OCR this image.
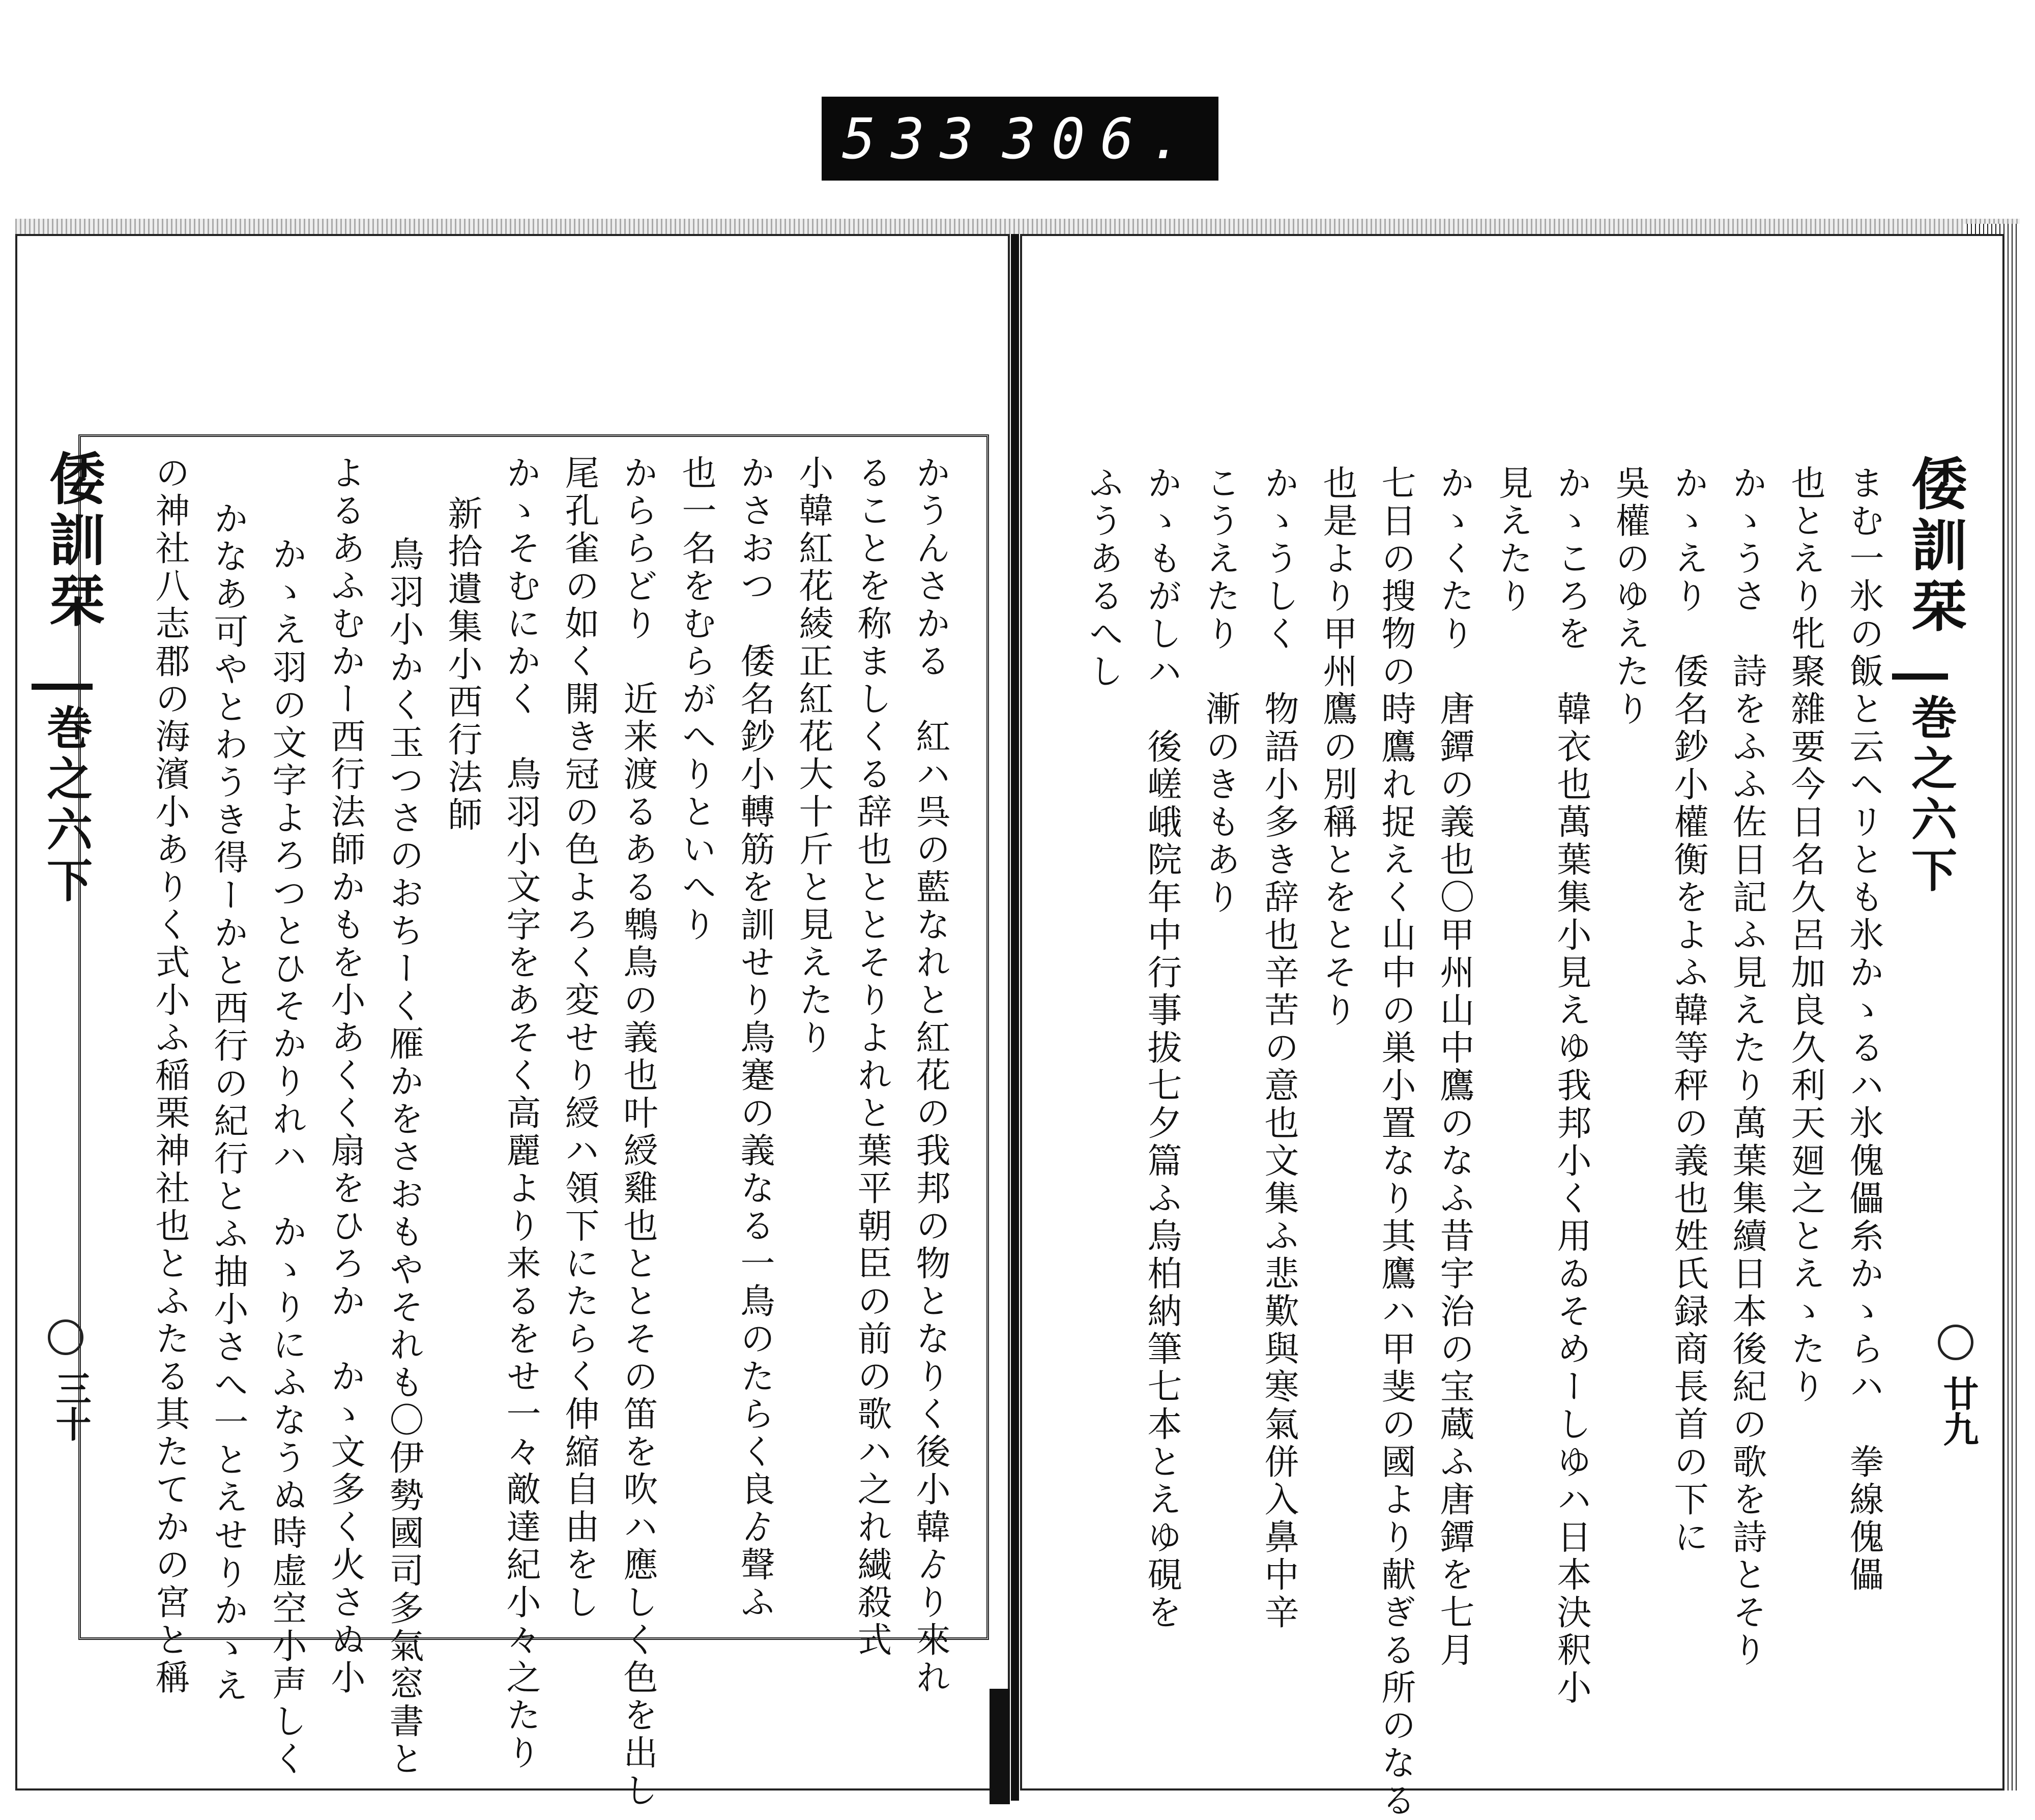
533 306.
倭訓栞
巻之六下
三十	かうんさかる　紅ハ呉の藍なれと紅花の我邦の物となりく後小韓ゟり來れ
ることを称ましくる辞也ととそりよれと葉平朝臣の前の歌ハ之れ繊殺式
小韓紅花綾正紅花大十斤と見えたり
かさおつ　倭名鈔小轉筋を訓せり鳥蹇の義なる一鳥のたらく良ゟ聲ふ
也一名をむらがへりといへり
かららどり　近来渡るある鵯鳥の義也叶綬雞也ととその笛を吹ハ應しく色を出し
尾孔雀の如く開き冠の色よろく変せり綬ハ領下にたらく伸縮自由をし
かゝそむにかく　鳥羽小文字をあそく高麗より来るをせ一々敵達紀小々之たり
新拾遺集小西行法師
鳥羽小かく玉つさのおちーく雁かをさおもやそれも〇伊勢國司多氣窓書と
よるあふむかー西行法師かもを小あくく扇をひろか　かゝ文多く火さぬ小
かゝえ羽の文字よろつとひそかりれハ　かゝりにふなうぬ時虚空小声しく
かなあ可やとわうき得ーかと西行の紀行とふ抽小さへ一とえせりかゝえ
の神社八志郡の海濱小ありく式小ふ稲栗神社也とふたる其たてかの宮と稱	倭訓栞
巻之六下
廿九
まむ一氷の飯と云ヘリとも氷かゝるハ氷傀儡糸かゝらハ　拳線傀儡
也とえり牝聚雜要今日名久呂加良久利天廻之とえゝたり
かゝうさ　詩をふふ佐日記ふ見えたり萬葉集續日本後紀の歌を詩とそり
かゝえり　倭名鈔小權衡をよふ韓等秤の義也姓氏録商長首の下に
吳權のゆえたり
かゝころを　韓衣也萬葉集小見えゆ我邦小く用ゐそめーしゆハ日本決釈小
見えたり
かゝくたり　唐鐔の義也〇甲州山中鷹のなふ昔宇治の宝蔵ふ唐鐔を七月
七日の搜物の時鷹れ捉えく山中の巣小置なり其鷹ハ甲斐の國より献ぎる所のなる
也是より甲州鷹の別稱とをとそり
かゝうしく　物語小多き辞也辛苦の意也文集ふ悲歎與寒氣併入鼻中辛
こうえたり　漸のきもあり
かゝもがしハ　後嵯峨院年中行事拔七夕篇ふ烏柏納筆七本とえゆ硯を
ふうあるへし
